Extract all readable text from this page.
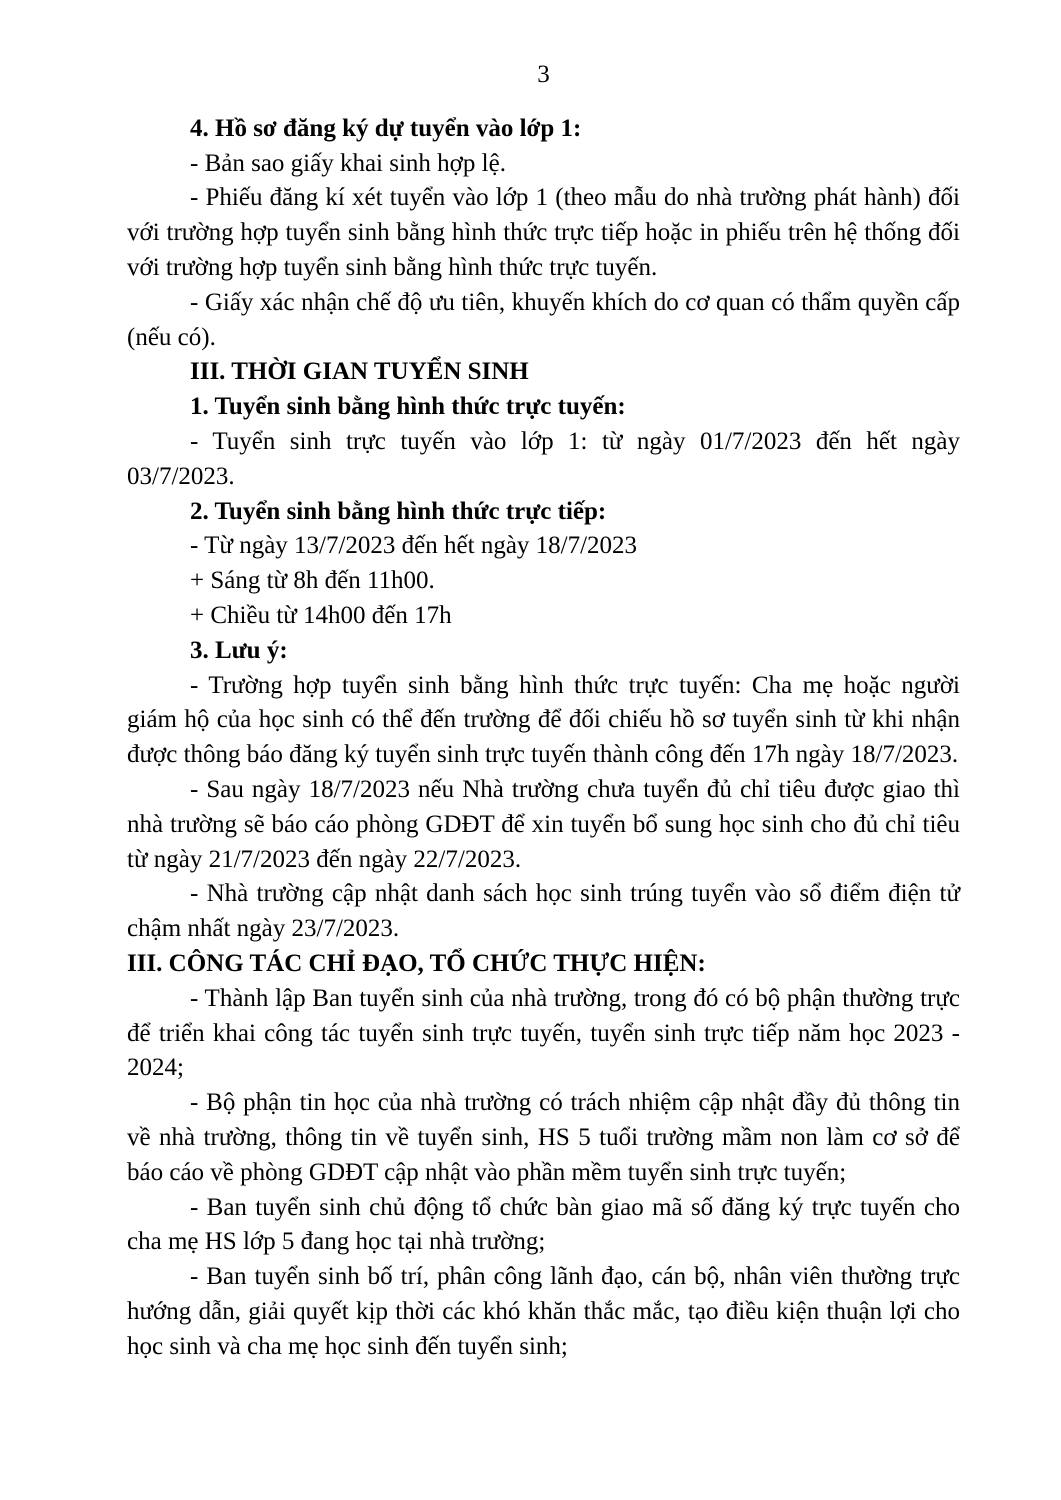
3

4. Hồ sơ đăng ký dự tuyển vào lớp 1:

- Bản sao giấy khai sinh hợp lệ.

- Phiếu đăng kí xét tuyển vào lớp 1 (theo mẫu do nhà trường phát hành) đối với trường hợp tuyển sinh bằng hình thức trực tiếp hoặc in phiếu trên hệ thống đối với trường hợp tuyển sinh bằng hình thức trực tuyến.

- Giấy xác nhận chế độ ưu tiên, khuyến khích do cơ quan có thẩm quyền cấp (nếu có).

III. THỜI GIAN TUYỂN SINH

1. Tuyển sinh bằng hình thức trực tuyến:

- Tuyển sinh trực tuyến vào lớp 1: từ ngày 01/7/2023 đến hết ngày 03/7/2023.

2. Tuyển sinh bằng hình thức trực tiếp:

- Từ ngày 13/7/2023 đến hết ngày 18/7/2023

+ Sáng từ 8h đến 11h00.

+ Chiều từ 14h00 đến 17h

3. Lưu ý:

- Trường hợp tuyển sinh bằng hình thức trực tuyến: Cha mẹ hoặc người giám hộ của học sinh có thể đến trường để đối chiếu hồ sơ tuyển sinh từ khi nhận được thông báo đăng ký tuyển sinh trực tuyến thành công đến 17h ngày 18/7/2023.

- Sau ngày 18/7/2023 nếu Nhà trường chưa tuyển đủ chỉ tiêu được giao thì nhà trường sẽ báo cáo phòng GDĐT để xin tuyển bổ sung học sinh cho đủ chỉ tiêu từ ngày 21/7/2023 đến ngày 22/7/2023.

- Nhà trường cập nhật danh sách học sinh trúng tuyển vào sổ điểm điện tử chậm nhất ngày 23/7/2023.

III. CÔNG TÁC CHỈ ĐẠO, TỔ CHỨC THỰC HIỆN:

- Thành lập Ban tuyển sinh của nhà trường, trong đó có bộ phận thường trực để triển khai công tác tuyển sinh trực tuyến, tuyển sinh trực tiếp năm học 2023 - 2024;

- Bộ phận tin học của nhà trường có trách nhiệm cập nhật đầy đủ thông tin về nhà trường, thông tin về tuyển sinh, HS 5 tuổi trường mầm non làm cơ sở để báo cáo về phòng GDĐT cập nhật vào phần mềm tuyển sinh trực tuyến;

- Ban tuyển sinh chủ động tổ chức bàn giao mã số đăng ký trực tuyến cho cha mẹ HS lớp 5 đang học tại nhà trường;

- Ban tuyển sinh bố trí, phân công lãnh đạo, cán bộ, nhân viên thường trực hướng dẫn, giải quyết kịp thời các khó khăn thắc mắc, tạo điều kiện thuận lợi cho học sinh và cha mẹ học sinh đến tuyển sinh;
